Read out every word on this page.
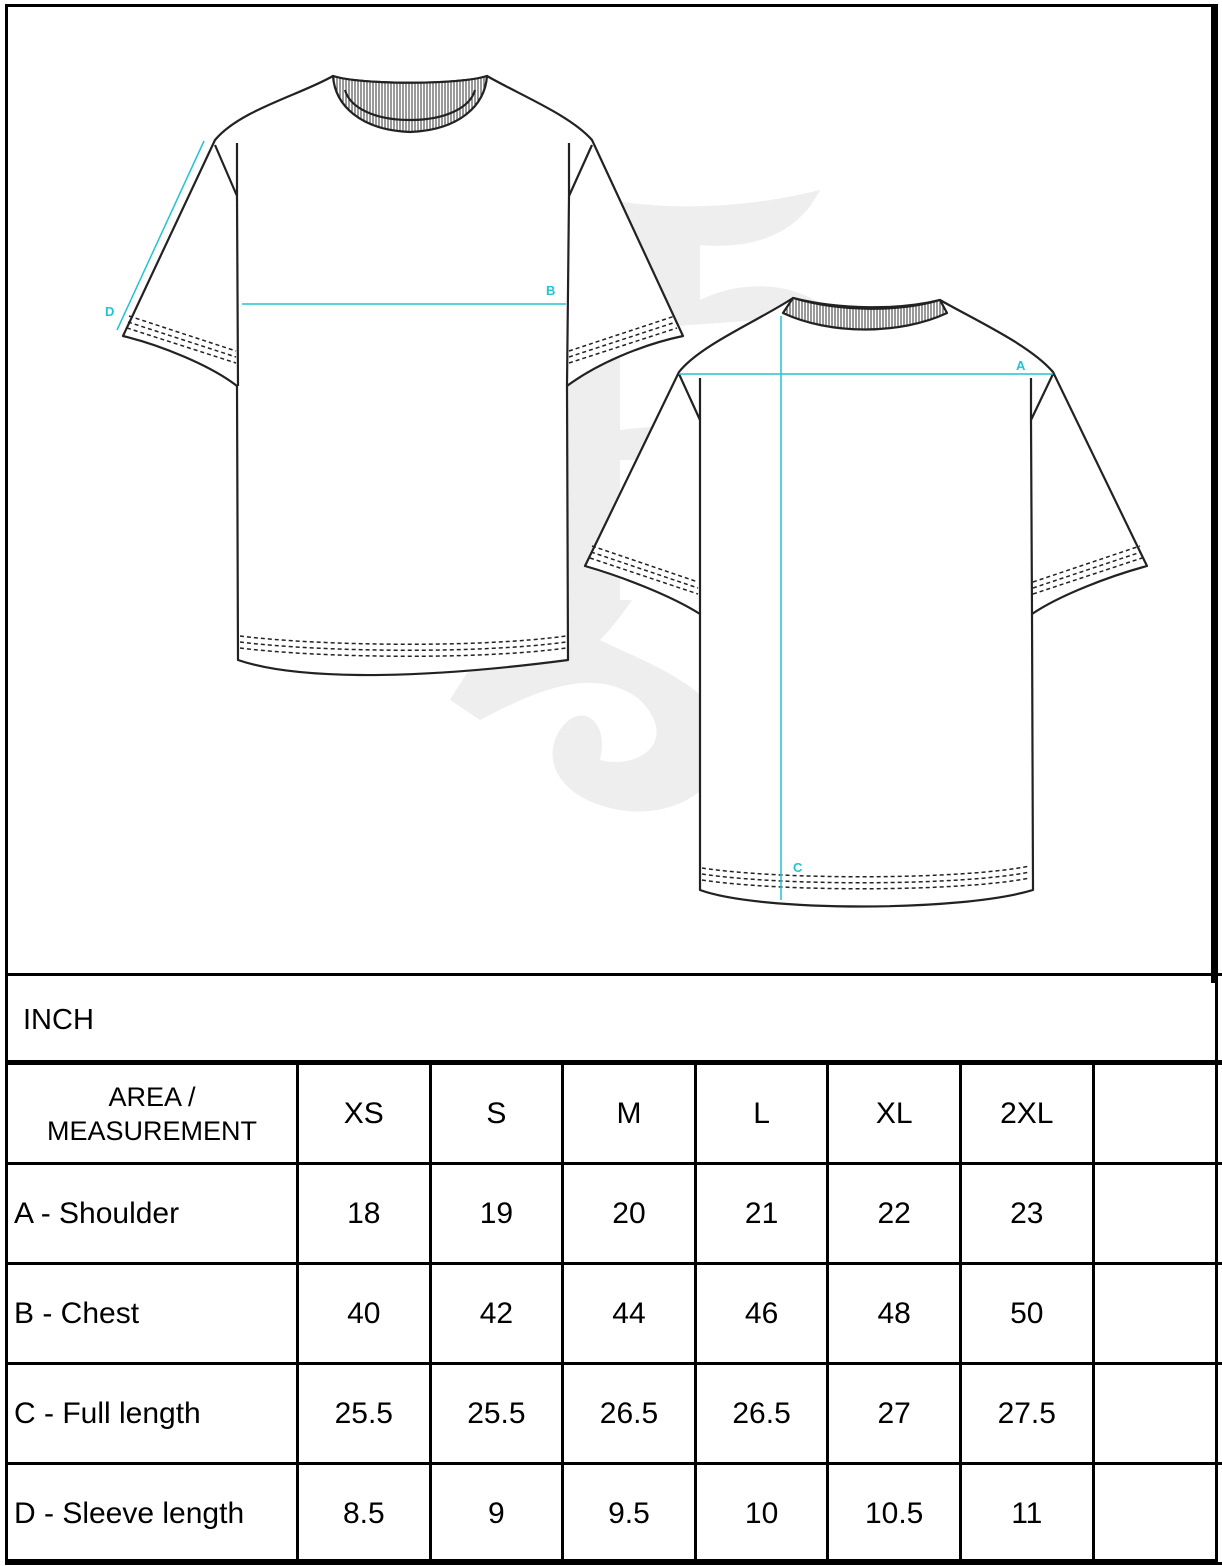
B
D
A
C
INCH
AREA / MEASUREMENT	XS	S	M	L	XL	2XL	
A - Shoulder	18	19	20	21	22	23	
B - Chest	40	42	44	46	48	50	
C - Full length	25.5	25.5	26.5	26.5	27	27.5	
D - Sleeve length	8.5	9	9.5	10	10.5	11	
